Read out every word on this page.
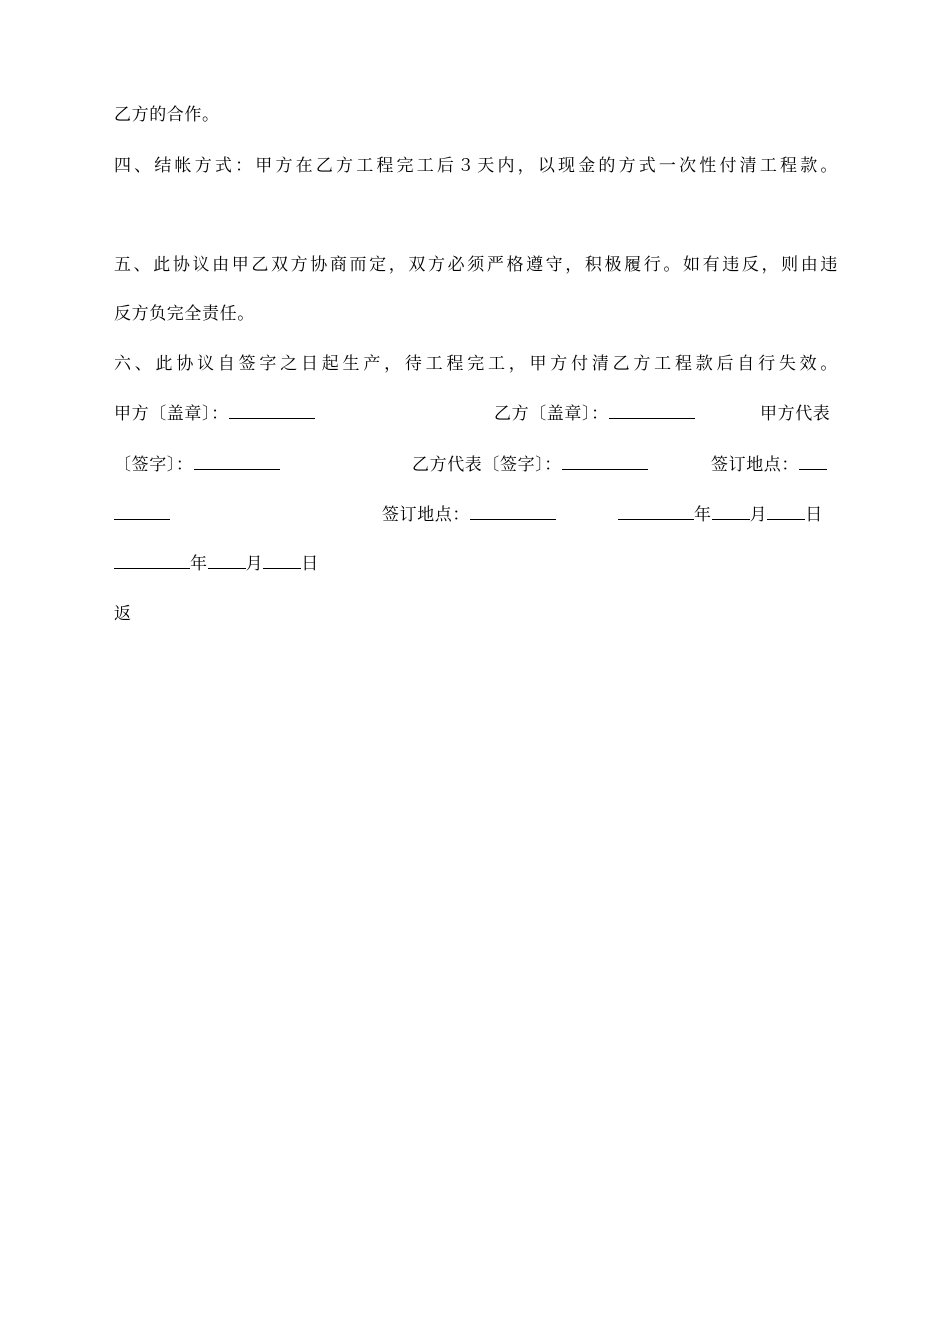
乙方的合作。
四、结帐方式：甲方在乙方工程完工后３天内，以现金的方式一次性付清工程款。
五、此协议由甲乙双方协商而定，双方必须严格遵守，积极履行。如有违反，则由违
反方负完全责任。
六、此协议自签字之日起生产，待工程完工，甲方付清乙方工程款后自行失效。
甲方〔盖章〕：	乙方〔盖章〕：	甲方代表
〔签字〕：	乙方代表〔签字〕：	签订地点：
签订地点：	年 月 日
年 月 日
返
